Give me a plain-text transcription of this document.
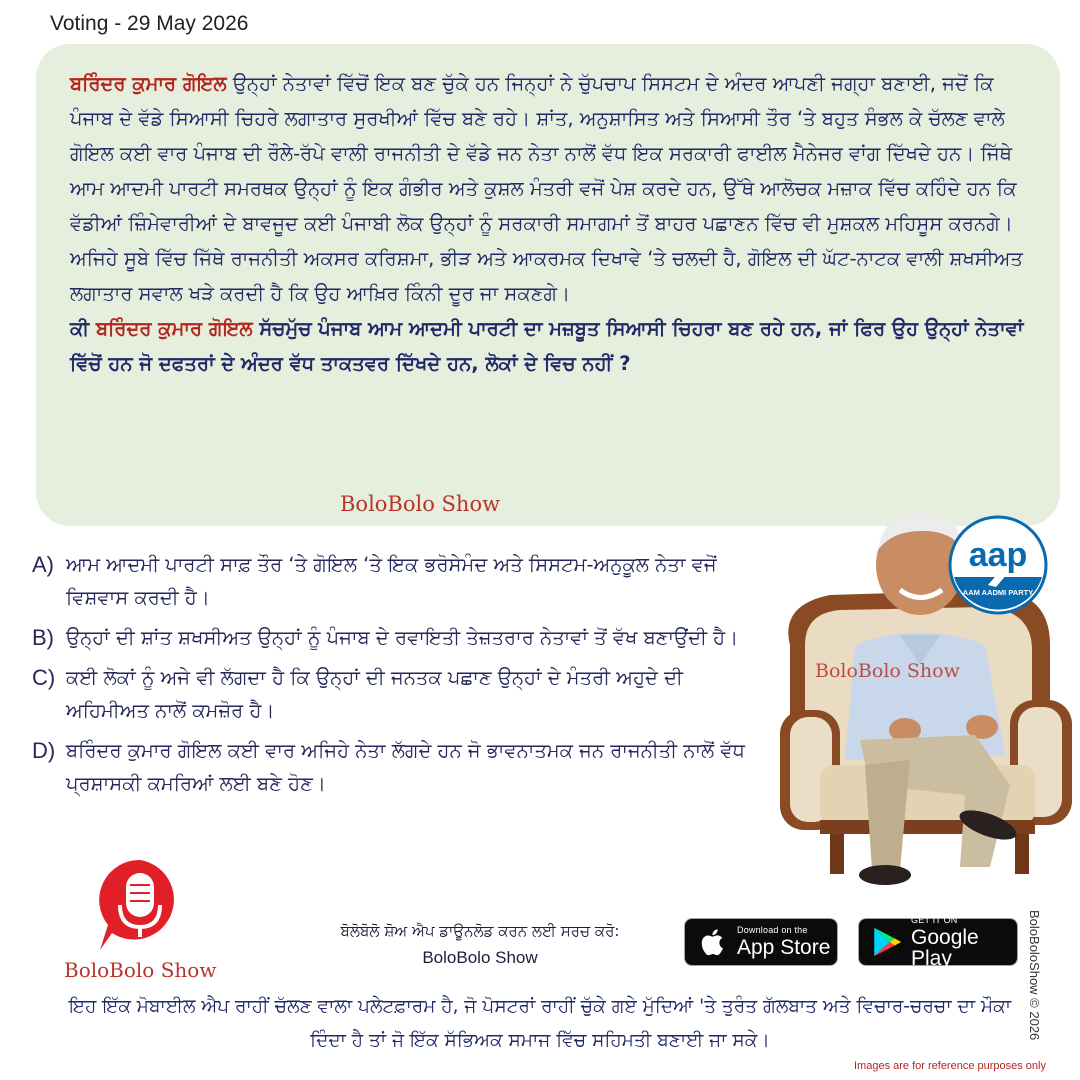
Voting - 29 May 2026

ਬਰਿੰਦਰ ਕੁਮਾਰ ਗੋਇਲ ਉਨ੍ਹਾਂ ਨੇਤਾਵਾਂ ਵਿੱਚੋਂ ਇਕ ਬਣ ਚੁੱਕੇ ਹਨ ਜਿਨ੍ਹਾਂ ਨੇ ਚੁੱਪਚਾਪ ਸਿਸਟਮ ਦੇ ਅੰਦਰ ਆਪਣੀ ਜਗ੍ਹਾ ਬਣਾਈ, ਜਦੋਂ ਕਿ ਪੰਜਾਬ ਦੇ ਵੱਡੇ ਸਿਆਸੀ ਚਿਹਰੇ ਲਗਾਤਾਰ ਸੁਰਖੀਆਂ ਵਿੱਚ ਬਣੇ ਰਹੇ। ਸ਼ਾਂਤ, ਅਨੁਸ਼ਾਸਿਤ ਅਤੇ ਸਿਆਸੀ ਤੌਰ ‘ਤੇ ਬਹੁਤ ਸੰਭਲ ਕੇ ਚੱਲਣ ਵਾਲੇ ਗੋਇਲ ਕਈ ਵਾਰ ਪੰਜਾਬ ਦੀ ਰੌਲੇ-ਰੱਪੇ ਵਾਲੀ ਰਾਜਨੀਤੀ ਦੇ ਵੱਡੇ ਜਨ ਨੇਤਾ ਨਾਲੋਂ ਵੱਧ ਇਕ ਸਰਕਾਰੀ ਫਾਈਲ ਮੈਨੇਜਰ ਵਾਂਗ ਦਿੱਖਦੇ ਹਨ। ਜਿੱਥੇ ਆਮ ਆਦਮੀ ਪਾਰਟੀ ਸਮਰਥਕ ਉਨ੍ਹਾਂ ਨੂੰ ਇਕ ਗੰਭੀਰ ਅਤੇ ਕੁਸ਼ਲ ਮੰਤਰੀ ਵਜੋਂ ਪੇਸ਼ ਕਰਦੇ ਹਨ, ਉੱਥੇ ਆਲੋਚਕ ਮਜ਼ਾਕ ਵਿੱਚ ਕਹਿੰਦੇ ਹਨ ਕਿ ਵੱਡੀਆਂ ਜ਼ਿੰਮੇਵਾਰੀਆਂ ਦੇ ਬਾਵਜੂਦ ਕਈ ਪੰਜਾਬੀ ਲੋਕ ਉਨ੍ਹਾਂ ਨੂੰ ਸਰਕਾਰੀ ਸਮਾਗਮਾਂ ਤੋਂ ਬਾਹਰ ਪਛਾਣਨ ਵਿੱਚ ਵੀ ਮੁਸ਼ਕਲ ਮਹਿਸੂਸ ਕਰਨਗੇ। ਅਜਿਹੇ ਸੂਬੇ ਵਿੱਚ ਜਿੱਥੇ ਰਾਜਨੀਤੀ ਅਕਸਰ ਕਰਿਸ਼ਮਾ, ਭੀੜ ਅਤੇ ਆਕਰਮਕ ਦਿਖਾਵੇ ‘ਤੇ ਚਲਦੀ ਹੈ, ਗੋਇਲ ਦੀ ਘੱਟ-ਨਾਟਕ ਵਾਲੀ ਸ਼ਖਸੀਅਤ ਲਗਾਤਾਰ ਸਵਾਲ ਖੜੇ ਕਰਦੀ ਹੈ ਕਿ ਉਹ ਆਖ਼ਿਰ ਕਿੰਨੀ ਦੂਰ ਜਾ ਸਕਣਗੇ।

ਕੀ ਬਰਿੰਦਰ ਕੁਮਾਰ ਗੋਇਲ ਸੱਚਮੁੱਚ ਪੰਜਾਬ ਆਮ ਆਦਮੀ ਪਾਰਟੀ ਦਾ ਮਜ਼ਬੂਤ ਸਿਆਸੀ ਚਿਹਰਾ ਬਣ ਰਹੇ ਹਨ, ਜਾਂ ਫਿਰ ਉਹ ਉਨ੍ਹਾਂ ਨੇਤਾਵਾਂ ਵਿੱਚੋਂ ਹਨ ਜੋ ਦਫਤਰਾਂ ਦੇ ਅੰਦਰ ਵੱਧ ਤਾਕਤਵਰ ਦਿੱਖਦੇ ਹਨ, ਲੋਕਾਂ ਦੇ ਵਿਚ ਨਹੀਂ ?

BoloBolo Show
A) ਆਮ ਆਦਮੀ ਪਾਰਟੀ ਸਾਫ਼ ਤੌਰ ‘ਤੇ ਗੋਇਲ ‘ਤੇ ਇਕ ਭਰੋਸੇਮੰਦ ਅਤੇ ਸਿਸਟਮ-ਅਨੁਕੂਲ ਨੇਤਾ ਵਜੋਂ ਵਿਸ਼ਵਾਸ ਕਰਦੀ ਹੈ।
B) ਉਨ੍ਹਾਂ ਦੀ ਸ਼ਾਂਤ ਸ਼ਖਸੀਅਤ ਉਨ੍ਹਾਂ ਨੂੰ ਪੰਜਾਬ ਦੇ ਰਵਾਇਤੀ ਤੇਜ਼ਤਰਾਰ ਨੇਤਾਵਾਂ ਤੋਂ ਵੱਖ ਬਣਾਉਂਦੀ ਹੈ।
C) ਕਈ ਲੋਕਾਂ ਨੂੰ ਅਜੇ ਵੀ ਲੱਗਦਾ ਹੈ ਕਿ ਉਨ੍ਹਾਂ ਦੀ ਜਨਤਕ ਪਛਾਣ ਉਨ੍ਹਾਂ ਦੇ ਮੰਤਰੀ ਅਹੁਦੇ ਦੀ ਅਹਿਮੀਅਤ ਨਾਲੋਂ ਕਮਜ਼ੋਰ ਹੈ।
D) ਬਰਿੰਦਰ ਕੁਮਾਰ ਗੋਇਲ ਕਈ ਵਾਰ ਅਜਿਹੇ ਨੇਤਾ ਲੱਗਦੇ ਹਨ ਜੋ ਭਾਵਨਾਤਮਕ ਜਨ ਰਾਜਨੀਤੀ ਨਾਲੋਂ ਵੱਧ ਪ੍ਰਸ਼ਾਸਕੀ ਕਮਰਿਆਂ ਲਈ ਬਣੇ ਹੋਣ।
BoloBolo Show
aap
AAM AADMI PARTY
BoloBolo Show
ਬੋਲੋਬੋਲੋ ਸ਼ੋਅ ਐਪ ਡਾਊਨਲੋਡ ਕਰਨ ਲਈ ਸਰਚ ਕਰੋ:
BoloBolo Show
Download on the
App Store
GET IT ON
Google Play	BoloBoloShow © 2026
ਇਹ ਇੱਕ ਮੋਬਾਈਲ ਐਪ ਰਾਹੀਂ ਚੱਲਣ ਵਾਲਾ ਪਲੇਟਫ਼ਾਰਮ ਹੈ, ਜੋ ਪੋਸਟਰਾਂ ਰਾਹੀਂ ਚੁੱਕੇ ਗਏ ਮੁੱਦਿਆਂ 'ਤੇ ਤੁਰੰਤ ਗੱਲਬਾਤ ਅਤੇ ਵਿਚਾਰ-ਚਰਚਾ ਦਾ ਮੌਕਾ ਦਿੰਦਾ ਹੈ ਤਾਂ ਜੋ ਇੱਕ ਸੱਭਿਅਕ ਸਮਾਜ ਵਿੱਚ ਸਹਿਮਤੀ ਬਣਾਈ ਜਾ ਸਕੇ।
Images are for reference purposes only
